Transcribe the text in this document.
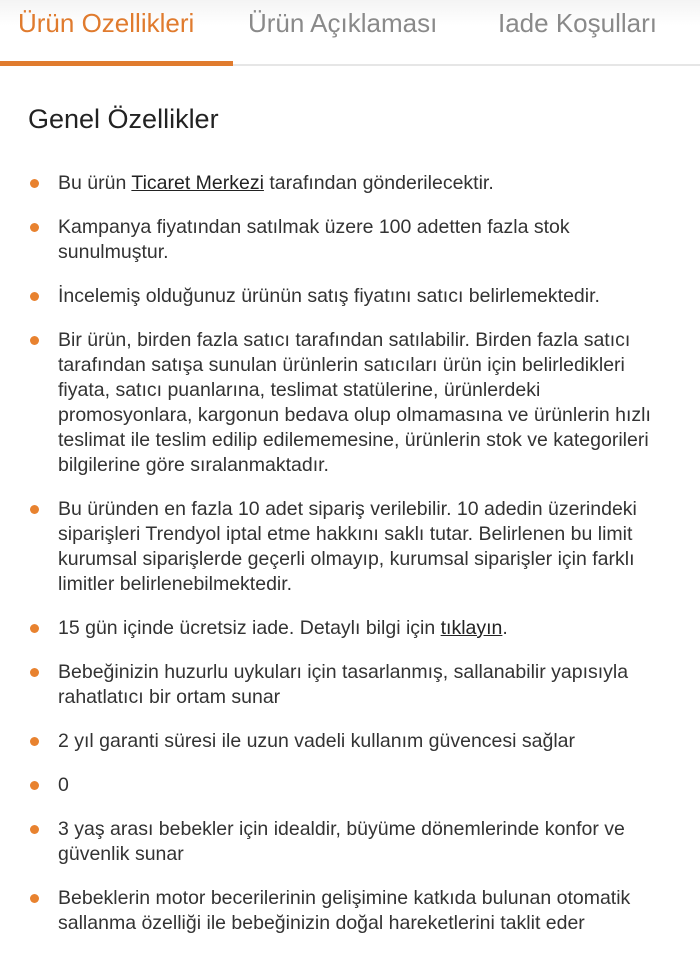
Ürün Ozellikleri Ürün Açıklaması Iade Koşulları
Genel Özellikler
Bu ürün Ticaret Merkezi tarafından gönderilecektir.
Kampanya fiyatından satılmak üzere 100 adetten fazla stok sunulmuştur.
İncelemiş olduğunuz ürünün satış fiyatını satıcı belirlemektedir.
Bir ürün, birden fazla satıcı tarafından satılabilir. Birden fazla satıcı tarafından satışa sunulan ürünlerin satıcıları ürün için belirledikleri fiyata, satıcı puanlarına, teslimat statülerine, ürünlerdeki promosyonlara, kargonun bedava olup olmamasına ve ürünlerin hızlı teslimat ile teslim edilip edilememesine, ürünlerin stok ve kategorileri bilgilerine göre sıralanmaktadır.
Bu üründen en fazla 10 adet sipariş verilebilir. 10 adedin üzerindeki siparişleri Trendyol iptal etme hakkını saklı tutar. Belirlenen bu limit kurumsal siparişlerde geçerli olmayıp, kurumsal siparişler için farklı limitler belirlenebilmektedir.
15 gün içinde ücretsiz iade. Detaylı bilgi için tıklayın.
Bebeğinizin huzurlu uykuları için tasarlanmış, sallanabilir yapısıyla rahatlatıcı bir ortam sunar
2 yıl garanti süresi ile uzun vadeli kullanım güvencesi sağlar
0
3 yaş arası bebekler için idealdir, büyüme dönemlerinde konfor ve güvenlik sunar
Bebeklerin motor becerilerinin gelişimine katkıda bulunan otomatik sallanma özelliği ile bebeğinizin doğal hareketlerini taklit eder
